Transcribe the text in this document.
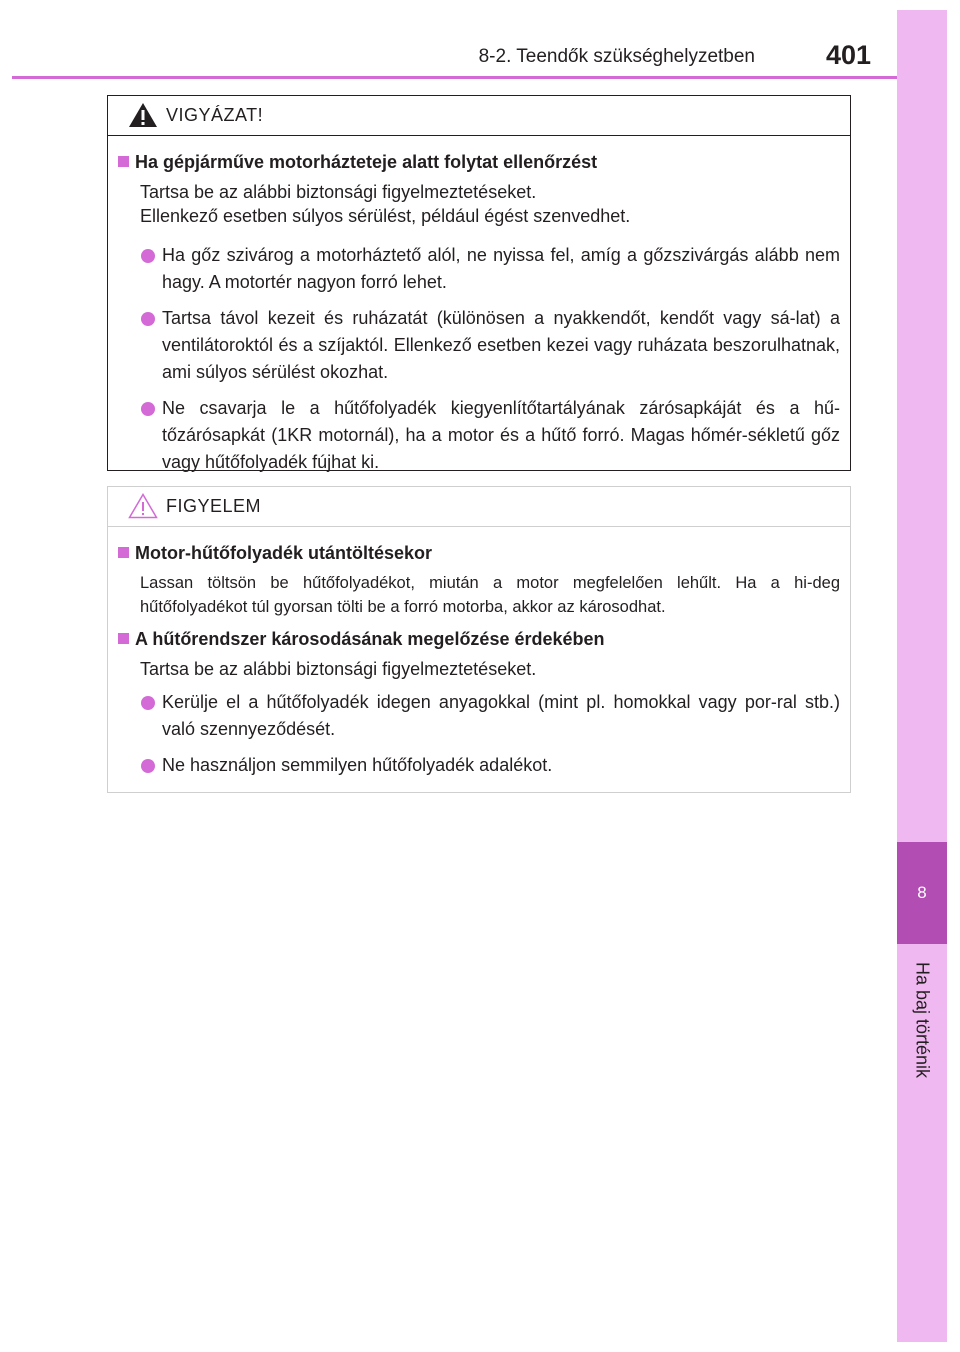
8-2. Teendők szükséghelyzetben	401
8
Ha baj történik
VIGYÁZAT!
Ha gépjárműve motorházteteje alatt folytat ellenőrzést
Tartsa be az alábbi biztonsági figyelmeztetéseket.
Ellenkező esetben súlyos sérülést, például égést szenvedhet.
Ha gőz szivárog a motorháztető alól, ne nyissa fel, amíg a gőzszivárgás alább nem hagy. A motortér nagyon forró lehet.
Tartsa távol kezeit és ruházatát (különösen a nyakkendőt, kendőt vagy sá-lat) a ventilátoroktól és a szíjaktól. Ellenkező esetben kezei vagy ruházata beszorulhatnak, ami súlyos sérülést okozhat.
Ne csavarja le a hűtőfolyadék kiegyenlítőtartályának zárósapkáját és a hű-tőzárósapkát (1KR motornál), ha a motor és a hűtő forró. Magas hőmér-sékletű gőz vagy hűtőfolyadék fújhat ki.
FIGYELEM
Motor-hűtőfolyadék utántöltésekor
Lassan töltsön be hűtőfolyadékot, miután a motor megfelelően lehűlt. Ha a hi-deg hűtőfolyadékot túl gyorsan tölti be a forró motorba, akkor az károsodhat.
A hűtőrendszer károsodásának megelőzése érdekében
Tartsa be az alábbi biztonsági figyelmeztetéseket.
Kerülje el a hűtőfolyadék idegen anyagokkal (mint pl. homokkal vagy por-ral stb.) való szennyeződését.
Ne használjon semmilyen hűtőfolyadék adalékot.
